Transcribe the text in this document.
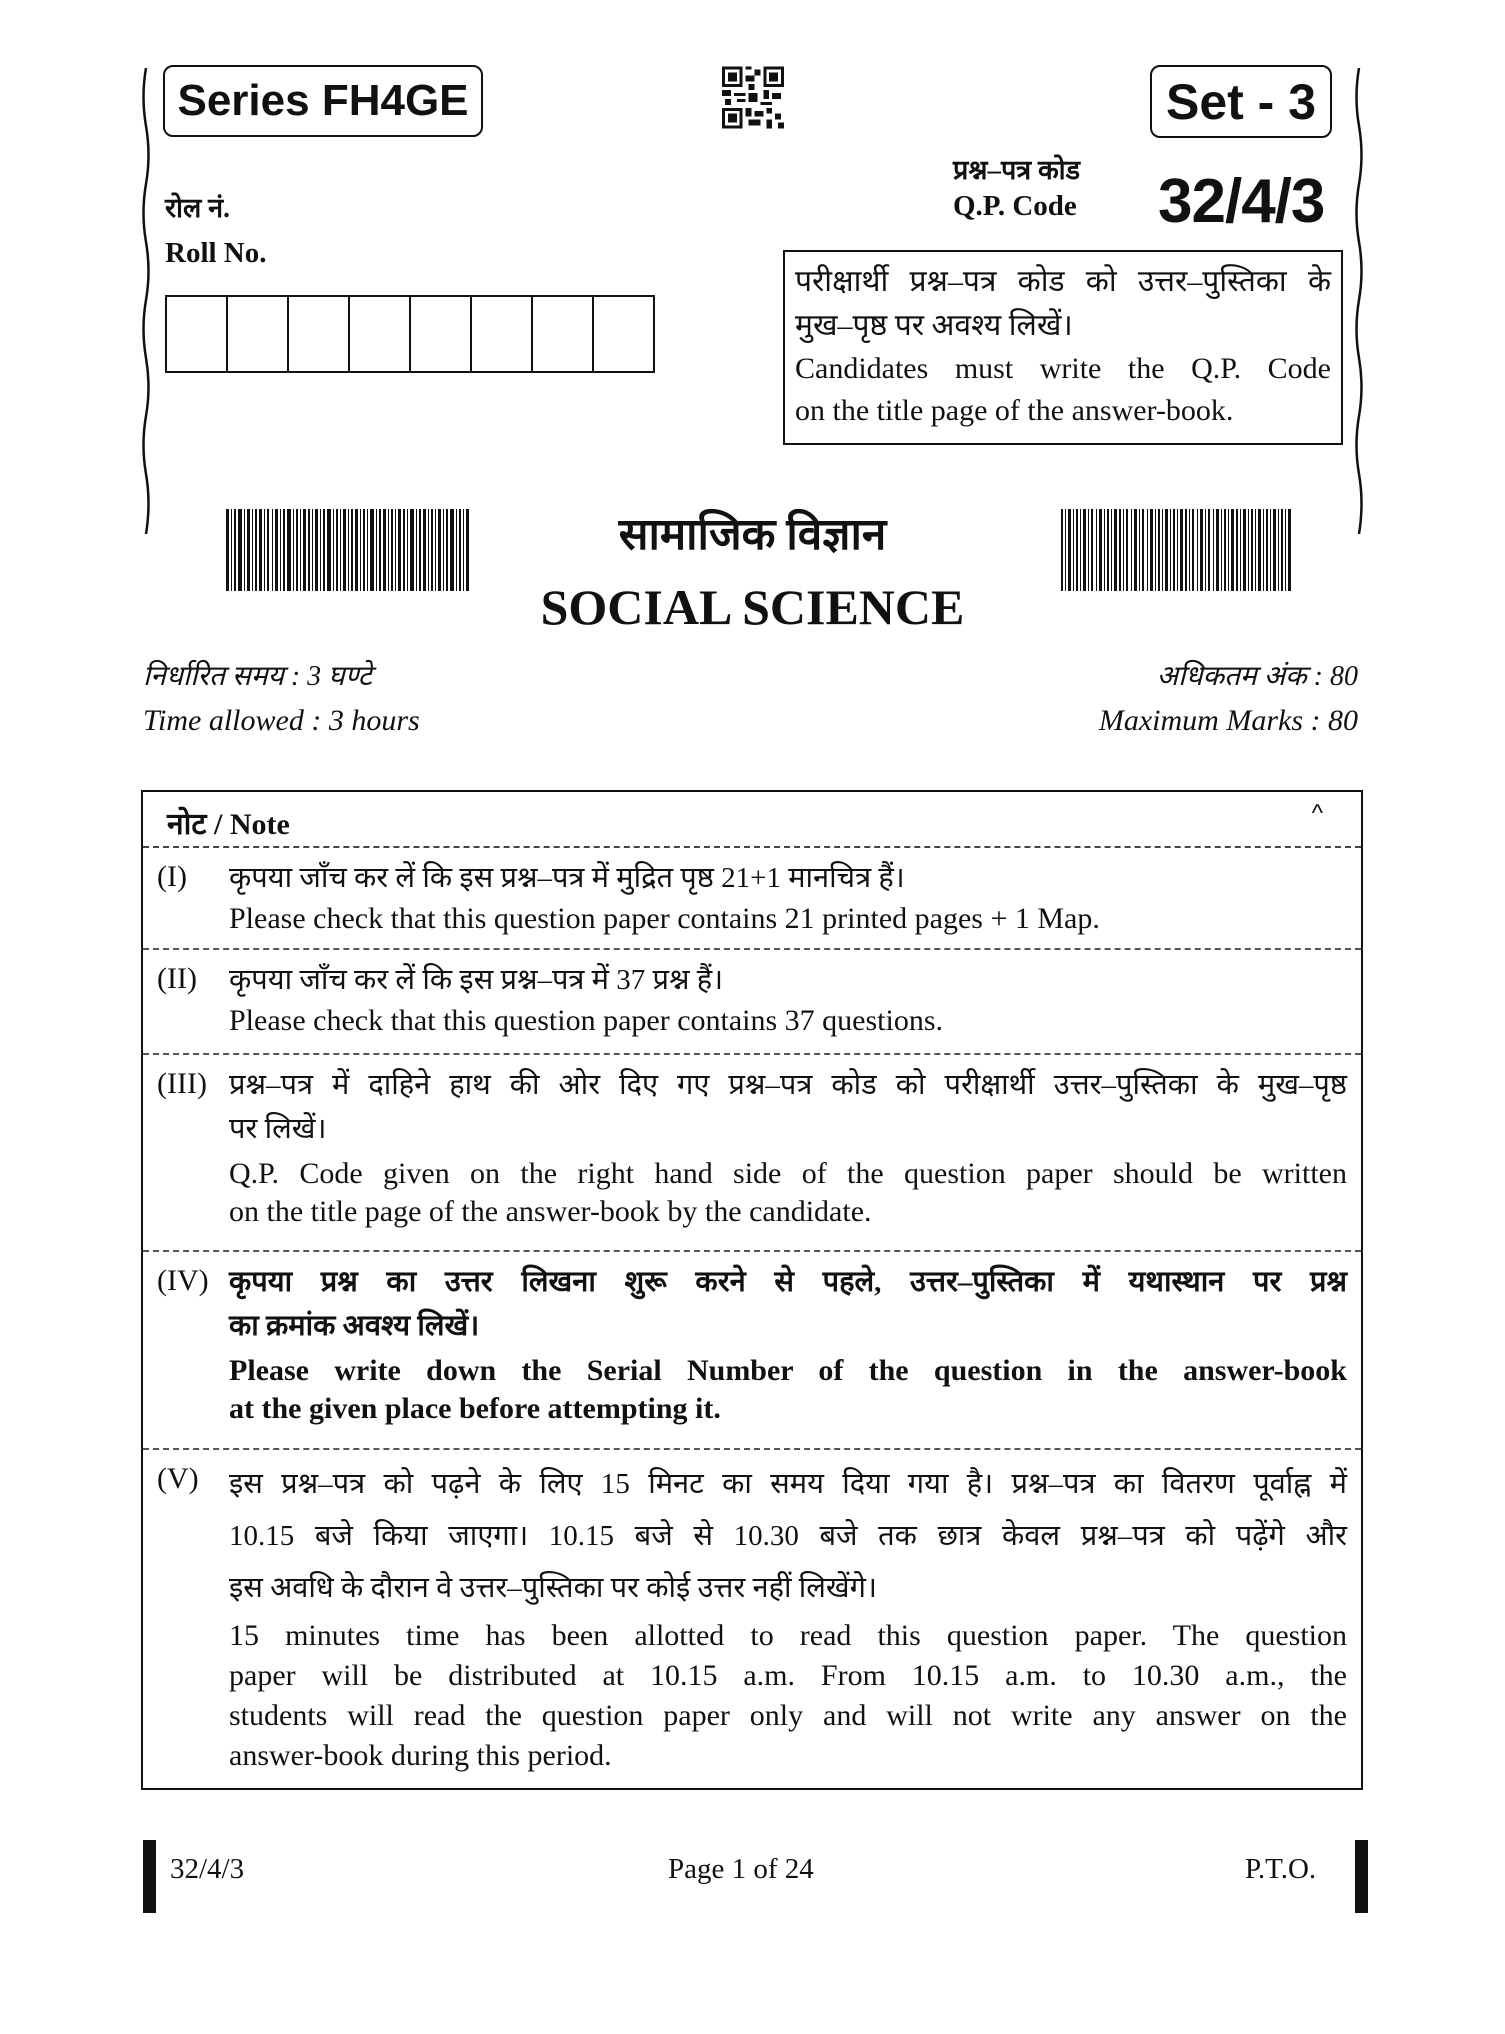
Series FH4GE	Set - 3
प्रश्न–पत्र कोड
Q.P. Code 32/4/3
रोल नं.
Roll No.
परीक्षार्थी प्रश्न–पत्र कोड को उत्तर–पुस्तिका के
मुख–पृष्ठ पर अवश्य लिखें।
Candidates must write the Q.P. Code
on the title page of the answer-book.
सामाजिक विज्ञान
SOCIAL SCIENCE
निर्धारित समय : 3 घण्टे
Time allowed : 3 hours
अधिकतम अंक : 80
Maximum Marks : 80
नोट / Note	^
(I) कृपया जाँच कर लें कि इस प्रश्न–पत्र में मुद्रित पृष्ठ 21+1 मानचित्र हैं।
Please check that this question paper contains 21 printed pages + 1 Map.
(II) कृपया जाँच कर लें कि इस प्रश्न–पत्र में 37 प्रश्न हैं।
Please check that this question paper contains 37 questions.
(III) प्रश्न–पत्र में दाहिने हाथ की ओर दिए गए प्रश्न–पत्र कोड को परीक्षार्थी उत्तर–पुस्तिका के मुख–पृष्ठ
पर लिखें।
Q.P. Code given on the right hand side of the question paper should be written
on the title page of the answer-book by the candidate.
(IV) कृपया प्रश्न का उत्तर लिखना शुरू करने से पहले, उत्तर–पुस्तिका में यथास्थान पर प्रश्न
का क्रमांक अवश्य लिखें।
Please write down the Serial Number of the question in the answer-book
at the given place before attempting it.
(V) इस प्रश्न–पत्र को पढ़ने के लिए 15 मिनट का समय दिया गया है। प्रश्न–पत्र का वितरण पूर्वाह्न में
10.15 बजे किया जाएगा। 10.15 बजे से 10.30 बजे तक छात्र केवल प्रश्न–पत्र को पढ़ेंगे और
इस अवधि के दौरान वे उत्तर–पुस्तिका पर कोई उत्तर नहीं लिखेंगे।
15 minutes time has been allotted to read this question paper. The question
paper will be distributed at 10.15 a.m. From 10.15 a.m. to 10.30 a.m., the
students will read the question paper only and will not write any answer on the
answer-book during this period.
32/4/3	Page 1 of 24	P.T.O.
